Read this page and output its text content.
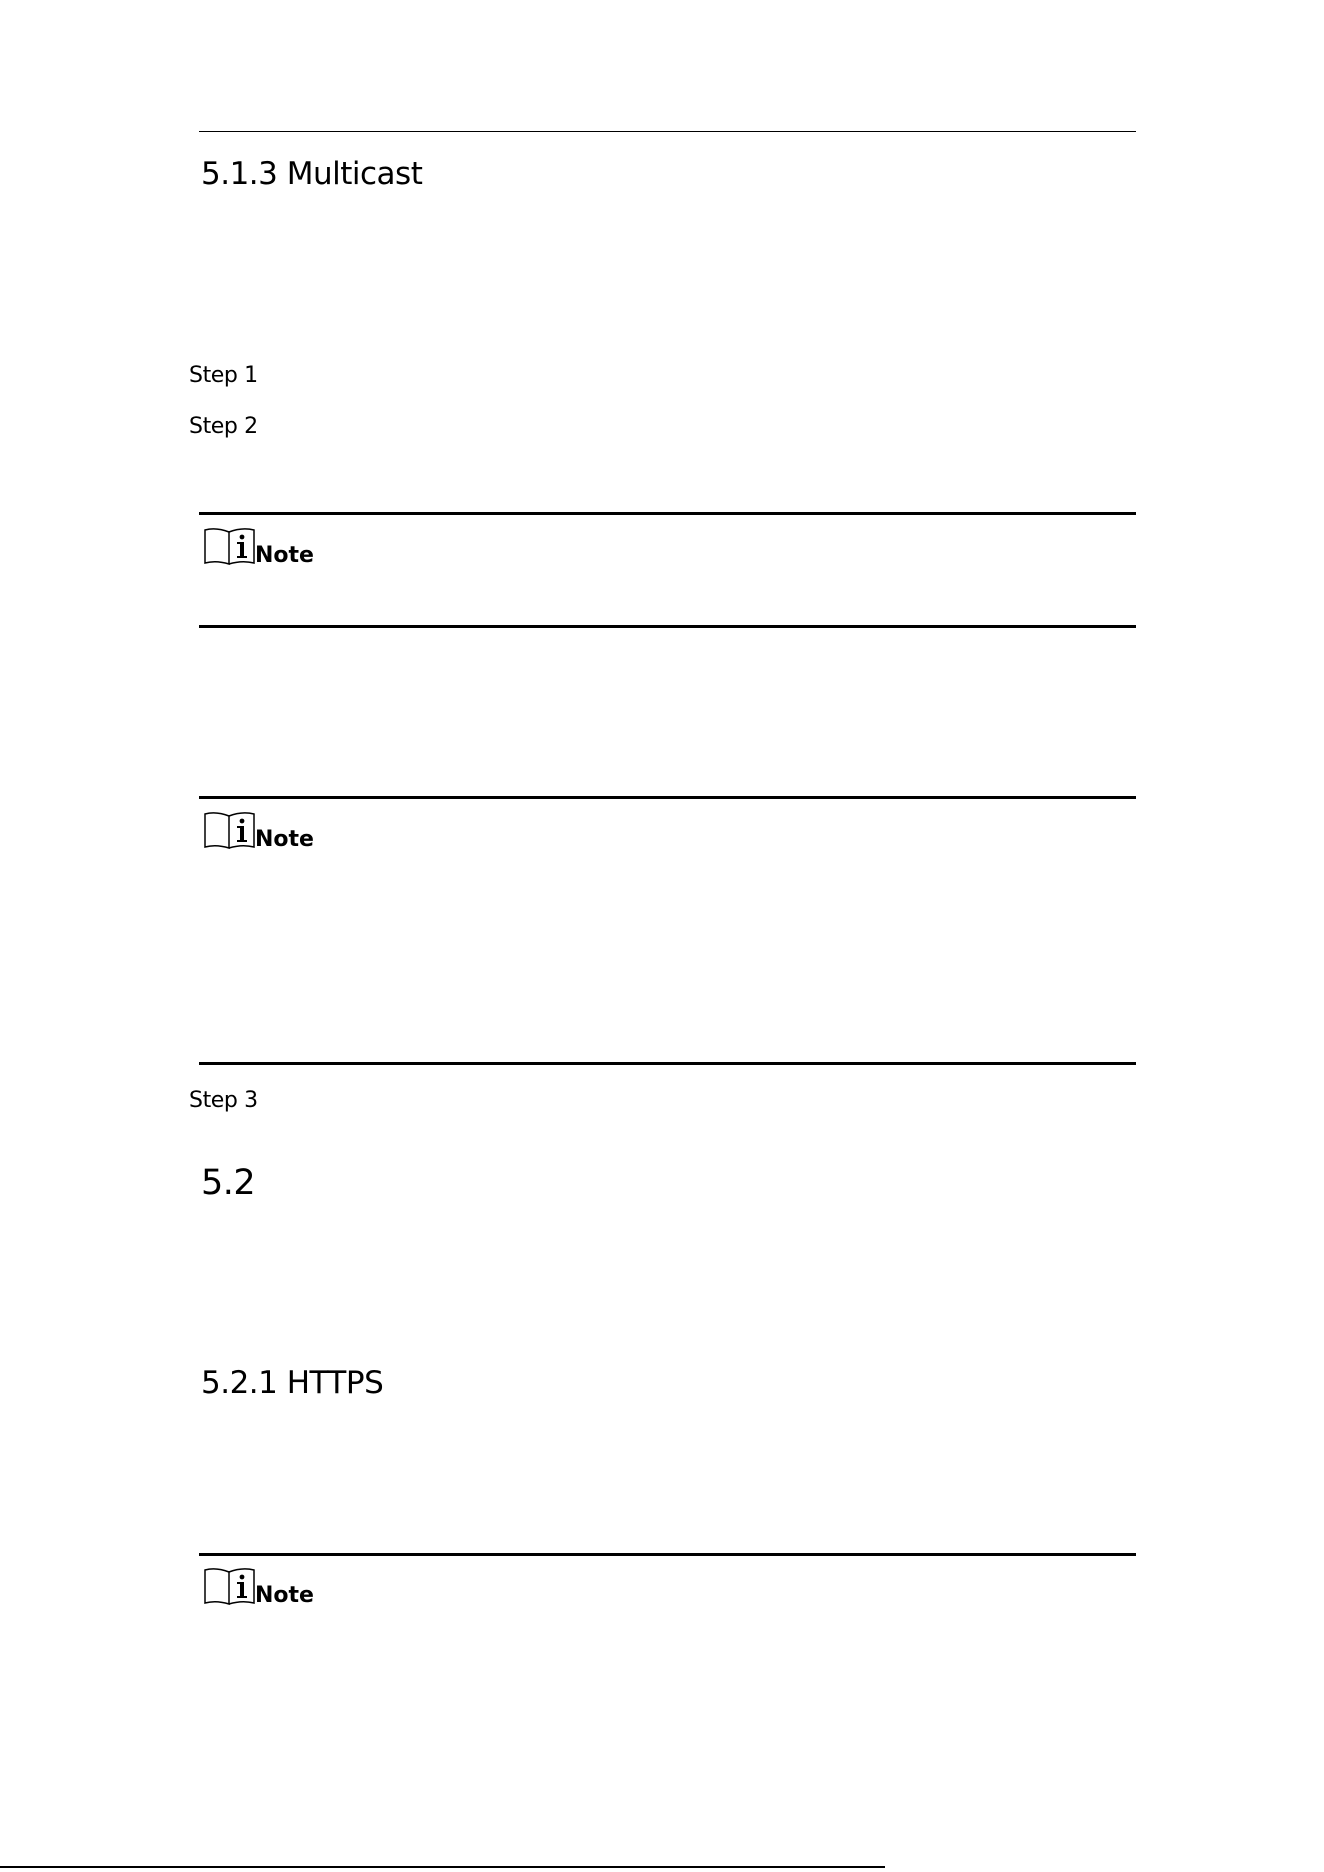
5.1.3 Multicast
Step 1
Step 2
Note
Note
Step 3
5.2
5.2.1 HTTPS
Note
